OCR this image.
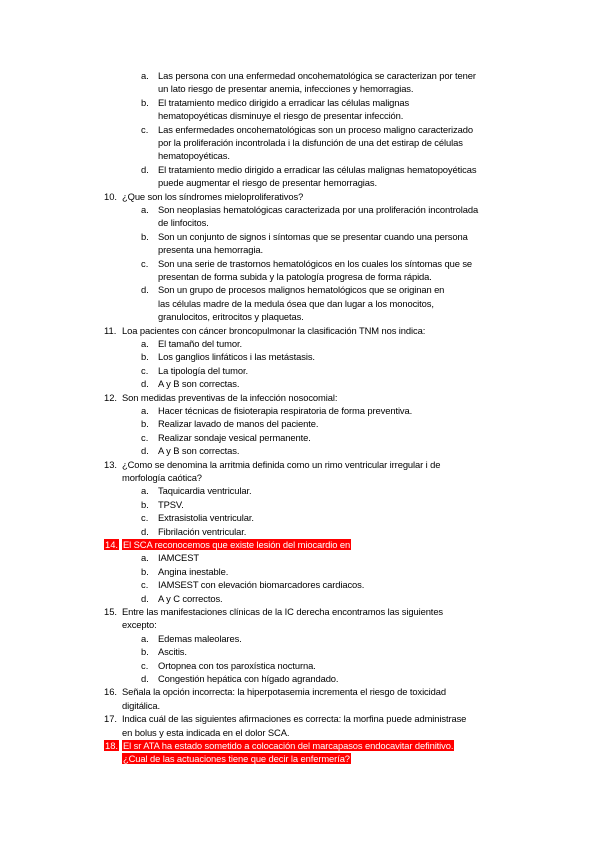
a. Las persona con una enfermedad oncohematológica se caracterizan por tener
un lato riesgo de presentar anemia, infecciones y hemorragias.
b. El tratamiento medico dirigido a erradicar las células malignas
hematopoyéticas disminuye el riesgo de presentar infección.
c. Las enfermedades oncohematológicas son un proceso maligno caracterizado
por la proliferación incontrolada i la disfunción de una det estirap de células
hematopoyéticas.
d. El tratamiento medio dirigido a erradicar las células malignas hematopoyéticas
puede augmentar el riesgo de presentar hemorragias.
10. ¿Que son los síndromes mieloproliferativos?
a. Son neoplasias hematológicas caracterizada por una proliferación incontrolada
de linfocitos.
b. Son un conjunto de signos i síntomas que se presentar cuando una persona
presenta una hemorragia.
c. Son una serie de trastornos hematológicos en los cuales los síntomas que se
presentan de forma subida y la patología progresa de forma rápida.
d. Son un grupo de procesos malignos hematológicos que se originan en
las células madre de la medula ósea que dan lugar a los monocitos,
granulocitos, eritrocitos y plaquetas.
11. Loa pacientes con cáncer broncopulmonar la clasificación TNM nos indica:
a. El tamaño del tumor.
b. Los ganglios linfáticos i las metástasis.
c. La tipología del tumor.
d. A y B son correctas.
12. Son medidas preventivas de la infección nosocomial:
a. Hacer técnicas de fisioterapia respiratoria de forma preventiva.
b. Realizar lavado de manos del paciente.
c. Realizar sondaje vesical permanente.
d. A y B son correctas.
13. ¿Como se denomina la arritmia definida como un rimo ventricular irregular i de
morfología caótica?
a. Taquicardia ventricular.
b. TPSV.
c. Extrasistolia ventricular.
d. Fibrilación ventricular.
14. El SCA reconocemos que existe lesión del miocardio en
a. IAMCEST
b. Angina inestable.
c. IAMSEST con elevación biomarcadores cardiacos.
d. A y C correctos.
15. Entre las manifestaciones clínicas de la IC derecha encontramos las siguientes
excepto:
a. Edemas maleolares.
b. Ascitis.
c. Ortopnea con tos paroxística nocturna.
d. Congestión hepática con hígado agrandado.
16. Señala la opción incorrecta: la hiperpotasemia incrementa el riesgo de toxicidad
digitálica.
17. Indica cuál de las siguientes afirmaciones es correcta: la morfina puede administrase
en bolus y esta indicada en el dolor SCA.
18. El sr ATA ha estado sometido a colocación del marcapasos endocavitar definitivo.
¿Cual de las actuaciones tiene que decir la enfermería?
